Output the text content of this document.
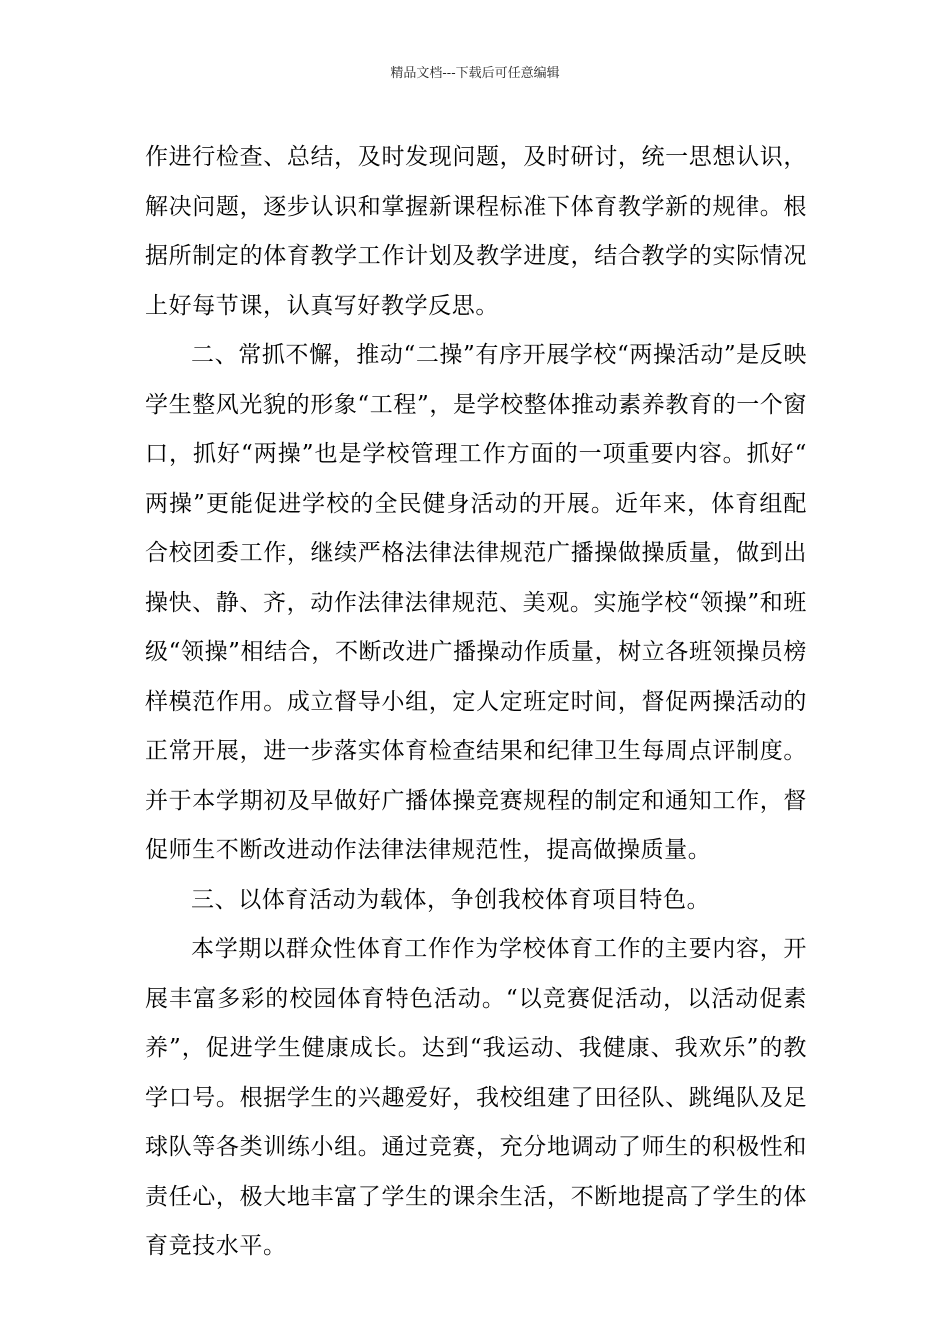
精品文档---下载后可任意编辑

作进行检查、总结，及时发现问题，及时研讨，统一思想认识，解决问题，逐步认识和掌握新课程标准下体育教学新的规律。根据所制定的体育教学工作计划及教学进度，结合教学的实际情况上好每节课，认真写好教学反思。

二、常抓不懈，推动“二操”有序开展学校“两操活动”是反映学生整风光貌的形象“工程”，是学校整体推动素养教育的一个窗口，抓好“两操”也是学校管理工作方面的一项重要内容。抓好“两操”更能促进学校的全民健身活动的开展。近年来，体育组配合校团委工作，继续严格法律法律规范广播操做操质量，做到出操快、静、齐，动作法律法律规范、美观。实施学校“领操”和班级“领操”相结合，不断改进广播操动作质量，树立各班领操员榜样模范作用。成立督导小组，定人定班定时间，督促两操活动的正常开展，进一步落实体育检查结果和纪律卫生每周点评制度。并于本学期初及早做好广播体操竞赛规程的制定和通知工作，督促师生不断改进动作法律法律规范性，提高做操质量。

三、以体育活动为载体，争创我校体育项目特色。

本学期以群众性体育工作作为学校体育工作的主要内容，开展丰富多彩的校园体育特色活动。“以竞赛促活动，以活动促素养”，促进学生健康成长。达到“我运动、我健康、我欢乐”的教学口号。根据学生的兴趣爱好，我校组建了田径队、跳绳队及足球队等各类训练小组。通过竞赛，充分地调动了师生的积极性和责任心，极大地丰富了学生的课余生活，不断地提高了学生的体育竞技水平。
